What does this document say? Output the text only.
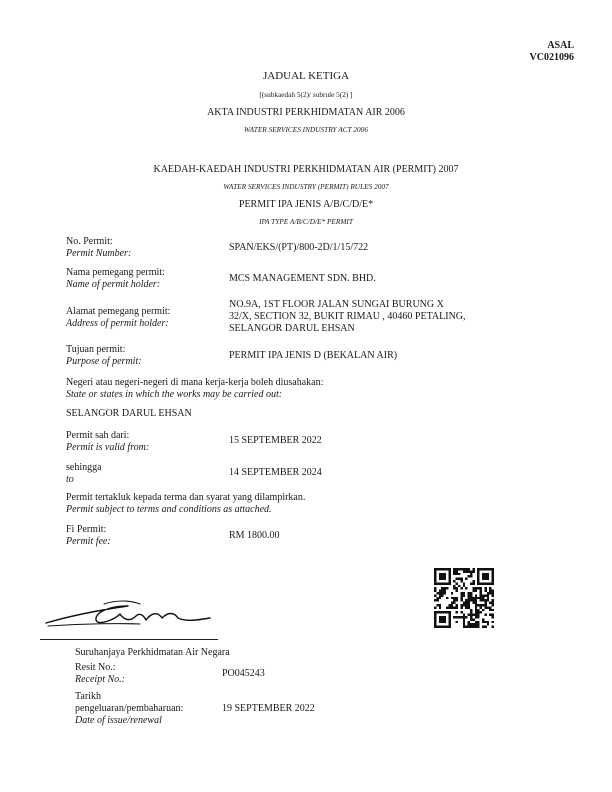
ASAL
VC021096
JADUAL KETIGA
[(subkaedah 5(2)/ subrule 5(2) ]
AKTA INDUSTRI PERKHIDMATAN AIR 2006
WATER SERVICES INDUSTRY ACT 2006
KAEDAH-KAEDAH INDUSTRI PERKHIDMATAN AIR (PERMIT) 2007
WATER SERVICES INDUSTRY (PERMIT) RULES 2007
PERMIT IPA JENIS A/B/C/D/E*
IPA TYPE A/B/C/D/E* PERMIT
No. Permit:
Permit Number:
SPAN/EKS/(PT)/800-2D/1/15/722
Nama pemegang permit:
Name of permit holder:
MCS MANAGEMENT SDN. BHD.
Alamat pemegang permit:
Address of permit holder:
NO.9A, 1ST FLOOR JALAN SUNGAI BURUNG X
32/X, SECTION 32, BUKIT RIMAU , 40460 PETALING,
SELANGOR DARUL EHSAN
Tujuan permit:
Purpose of permit:
PERMIT IPA JENIS D (BEKALAN AIR)
Negeri atau negeri-negeri di mana kerja-kerja boleh diusahakan:
State or states in which the works may be carried out:
SELANGOR DARUL EHSAN
Permit sah dari:
Permit is valid from:
15 SEPTEMBER 2022
sehingga
to
14 SEPTEMBER 2024
Permit tertakluk kepada terma dan syarat yang dilampirkan.
Permit subject to terms and conditions as attached.
Fi Permit:
Permit fee:
RM 1800.00
Suruhanjaya Perkhidmatan Air Negara
Resit No.:
Receipt No.:
PO045243
Tarikh
pengeluaran/pembaharuan:
Date of issue/renewal
19 SEPTEMBER 2022
